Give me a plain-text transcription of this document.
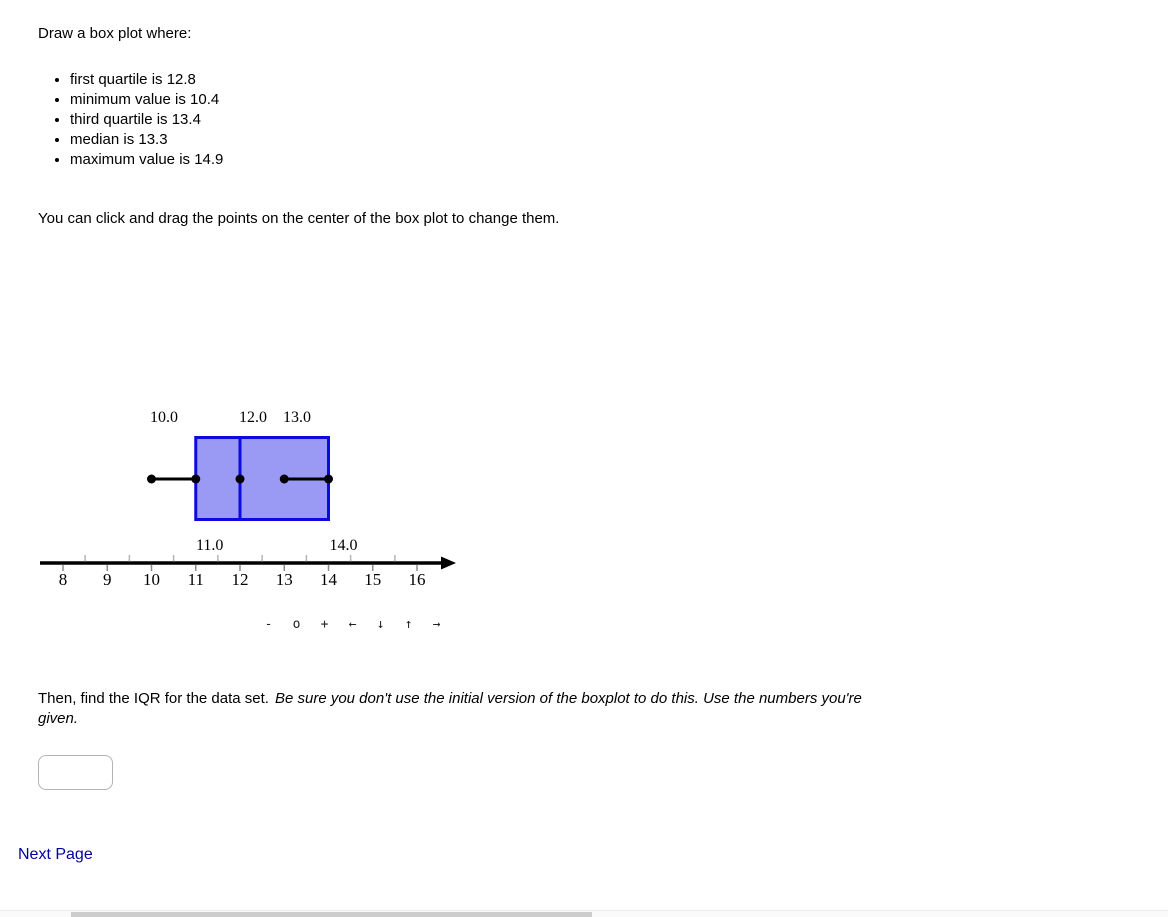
Draw a box plot where:
• first quartile is 12.8
• minimum value is 10.4
• third quartile is 13.4
• median is 13.3
• maximum value is 14.9
You can click and drag the points on the center of the box plot to change them.
10.0	12.0 13.0
11.0	14.0
8 9 10 11 12 13 14 15 16
-	o	+	←	↓	↑	→
Then, find the IQR for the data set. Be sure you don't use the initial version of the boxplot to do this. Use the numbers you're given.
Next Page
